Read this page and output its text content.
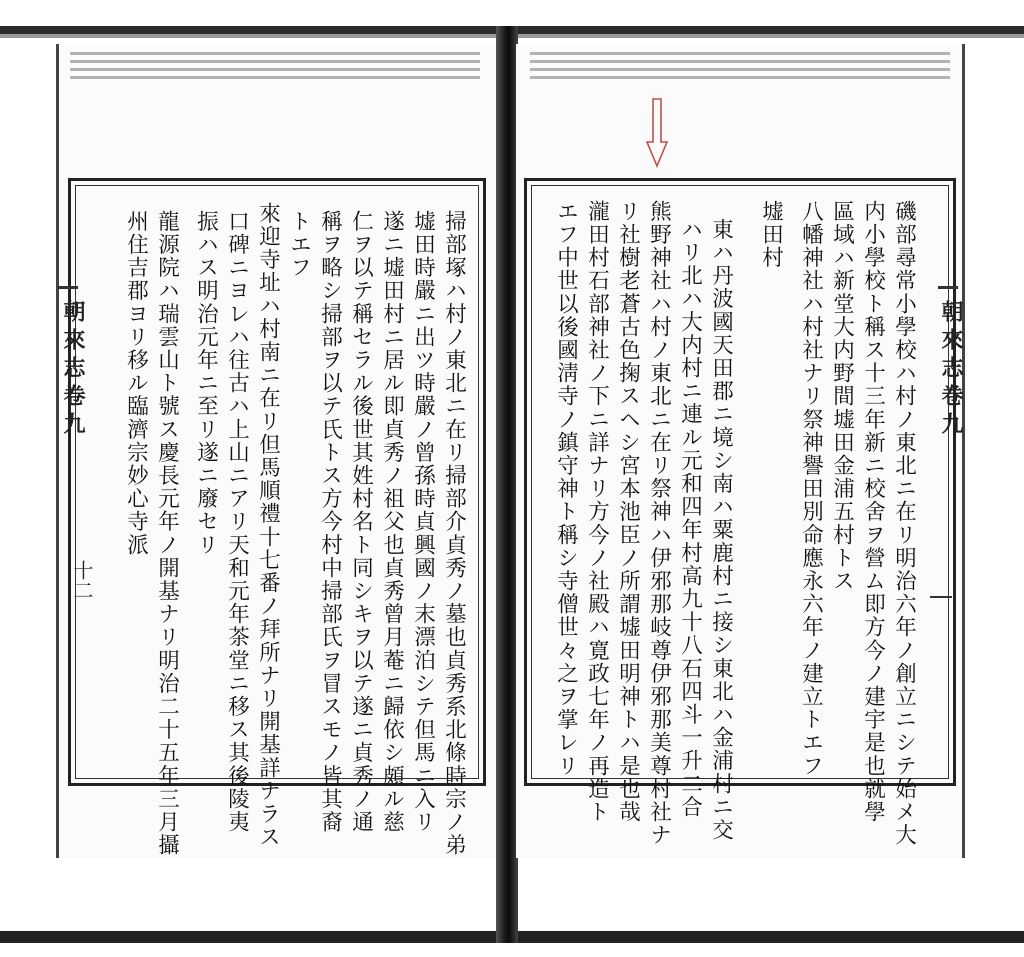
朝來志卷九
十二	掃部塚ハ村ノ東北ニ在リ掃部介貞秀ノ墓也貞秀系北條時宗ノ弟
墟田時嚴ニ出ツ時嚴ノ曾孫時貞興國ノ末漂泊シテ但馬ニ入リ
遂ニ墟田村ニ居ル即貞秀ノ祖父也貞秀曾月菴ニ歸依シ頗ル慈
仁ヲ以テ稱セラル後世其姓村名ト同シキヲ以テ遂ニ貞秀ノ通
稱ヲ略シ掃部ヲ以テ氏トス方今村中掃部氏ヲ冒スモノ皆其裔
トエフ
來迎寺址ハ村南ニ在リ但馬順禮十七番ノ拜所ナリ開基詳ナラス
口碑ニヨレハ往古ハ上山ニアリ天和元年茶堂ニ移ス其後陵夷
振ハス明治元年ニ至リ遂ニ廢セリ
龍源院ハ瑞雲山ト號ス慶長元年ノ開基ナリ明治二十五年三月攝
州住吉郡ヨリ移ル臨濟宗妙心寺派	朝來志卷九
磯部尋常小學校ハ村ノ東北ニ在リ明治六年ノ創立ニシテ始メ大
内小學校ト稱ス十三年新ニ校舍ヲ營ム即方今ノ建宇是也就學
區域ハ新堂大内野間墟田金浦五村トス
八幡神社ハ村社ナリ祭神譽田別命應永六年ノ建立トエフ
墟田村
東ハ丹波國天田郡ニ境シ南ハ粟鹿村ニ接シ東北ハ金浦村ニ交
ハリ北ハ大内村ニ連ル元和四年村高九十八石四斗一升二合
熊野神社ハ村ノ東北ニ在リ祭神ハ伊邪那岐尊伊邪那美尊村社ナ
リ社樹老蒼古色掬スヘシ宮本池臣ノ所謂墟田明神トハ是也哉
瀧田村石部神社ノ下ニ詳ナリ方今ノ社殿ハ寛政七年ノ再造ト
エフ中世以後國淸寺ノ鎮守神ト稱シ寺僧世々之ヲ掌レリ
